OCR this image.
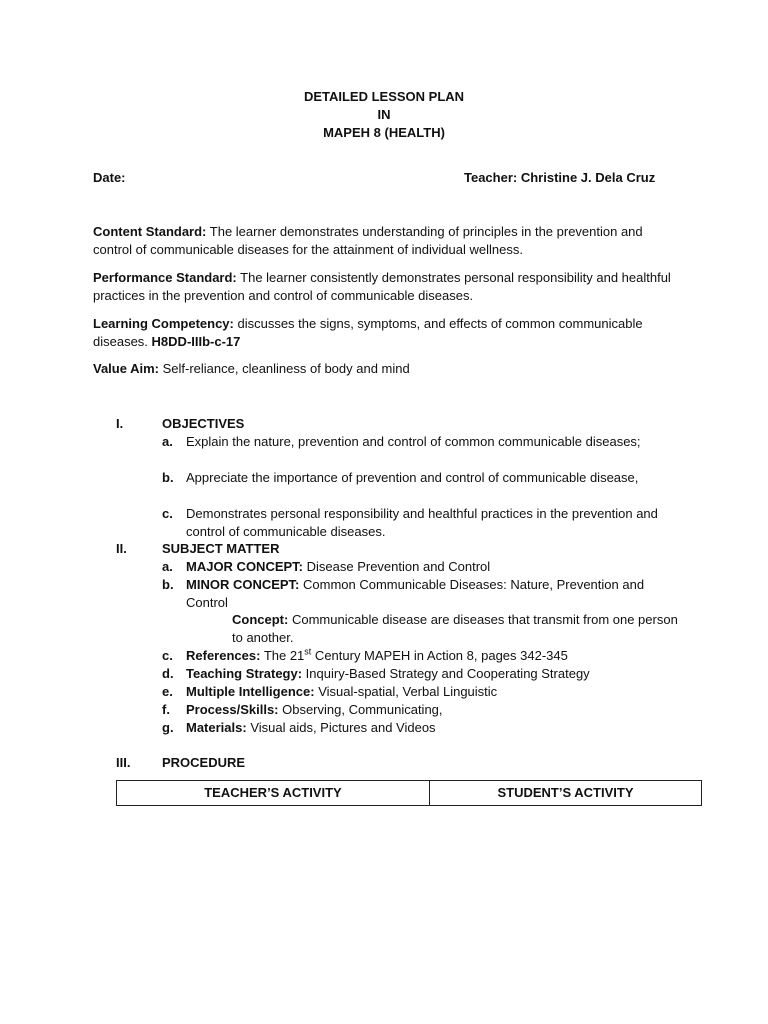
DETAILED LESSON PLAN
IN
MAPEH 8 (HEALTH)
Date:	Teacher: Christine J. Dela Cruz
Content Standard: The learner demonstrates understanding of principles in the prevention and control of communicable diseases for the attainment of individual wellness.
Performance Standard: The learner consistently demonstrates personal responsibility and healthful practices in the prevention and control of communicable diseases.
Learning Competency: discusses the signs, symptoms, and effects of common communicable diseases. H8DD-IIIb-c-17
Value Aim: Self-reliance, cleanliness of body and mind
I.	OBJECTIVES
a. Explain the nature, prevention and control of common communicable diseases;
b. Appreciate the importance of prevention and control of communicable disease,
c. Demonstrates personal responsibility and healthful practices in the prevention and control of communicable diseases.
II.	SUBJECT MATTER
a. MAJOR CONCEPT: Disease Prevention and Control
b. MINOR CONCEPT: Common Communicable Diseases: Nature, Prevention and Control
Concept: Communicable disease are diseases that transmit from one person to another.
c. References: The 21st Century MAPEH in Action 8, pages 342-345
d. Teaching Strategy: Inquiry-Based Strategy and Cooperating Strategy
e. Multiple Intelligence: Visual-spatial, Verbal Linguistic
f. Process/Skills: Observing, Communicating,
g. Materials: Visual aids, Pictures and Videos
III. PROCEDURE
TEACHER’S ACTIVITY	STUDENT’S ACTIVITY
